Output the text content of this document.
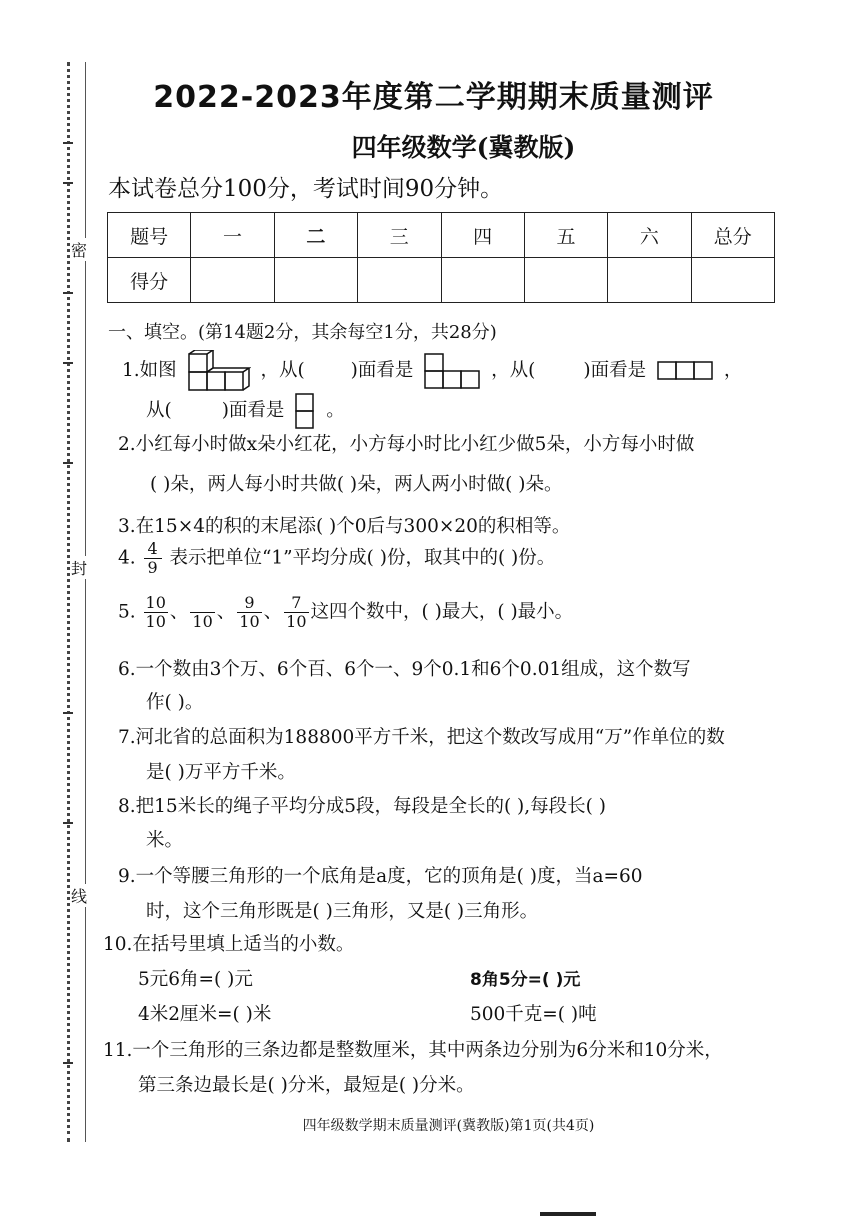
密
封
线
2022-2023年度第二学期期末质量测评
四年级数学(冀教版)
本试卷总分100分，考试时间90分钟。
题号	一	二	三	四	五	六	总分
得分							
一、填空。(第14题2分，其余每空1分，共28分)
1.如图	，从( )面看是	，从(	)面看是	，
从(	)面看是 。
2.小红每小时做x朵小红花，小方每小时比小红少做5朵，小方每小时做
( )朵，两人每小时共做( )朵，两人两小时做( )朵。
3.在15×4的积的末尾添( )个0后与300×20的积相等。
4. $\frac{4}{9}$ 表示把单位“1”平均分成( )份，取其中的( )份。
5. $\frac{10}{10}$ 、 10 、 $\frac{9}{10}$ 、 $\frac{7}{10}$ 这四个数中，( )最大，( )最小。
6.一个数由3个万、6个百、6个一、9个0.1和6个0.01组成，这个数写
作( )。
7.河北省的总面积为188800平方千米，把这个数改写成用“万”作单位的数
是( )万平方千米。
8.把15米长的绳子平均分成5段，每段是全长的( ),每段长( )
米。
9.一个等腰三角形的一个底角是a度，它的顶角是( )度，当a=60
时，这个三角形既是( )三角形，又是( )三角形。
10.在括号里填上适当的小数。
5元6角=( )元	8角5分=( )元
4米2厘米=( )米	500千克=( )吨
11.一个三角形的三条边都是整数厘米，其中两条边分别为6分米和10分米，
第三条边最长是( )分米，最短是( )分米。
四年级数学期末质量测评(冀教版)第1页(共4页)
